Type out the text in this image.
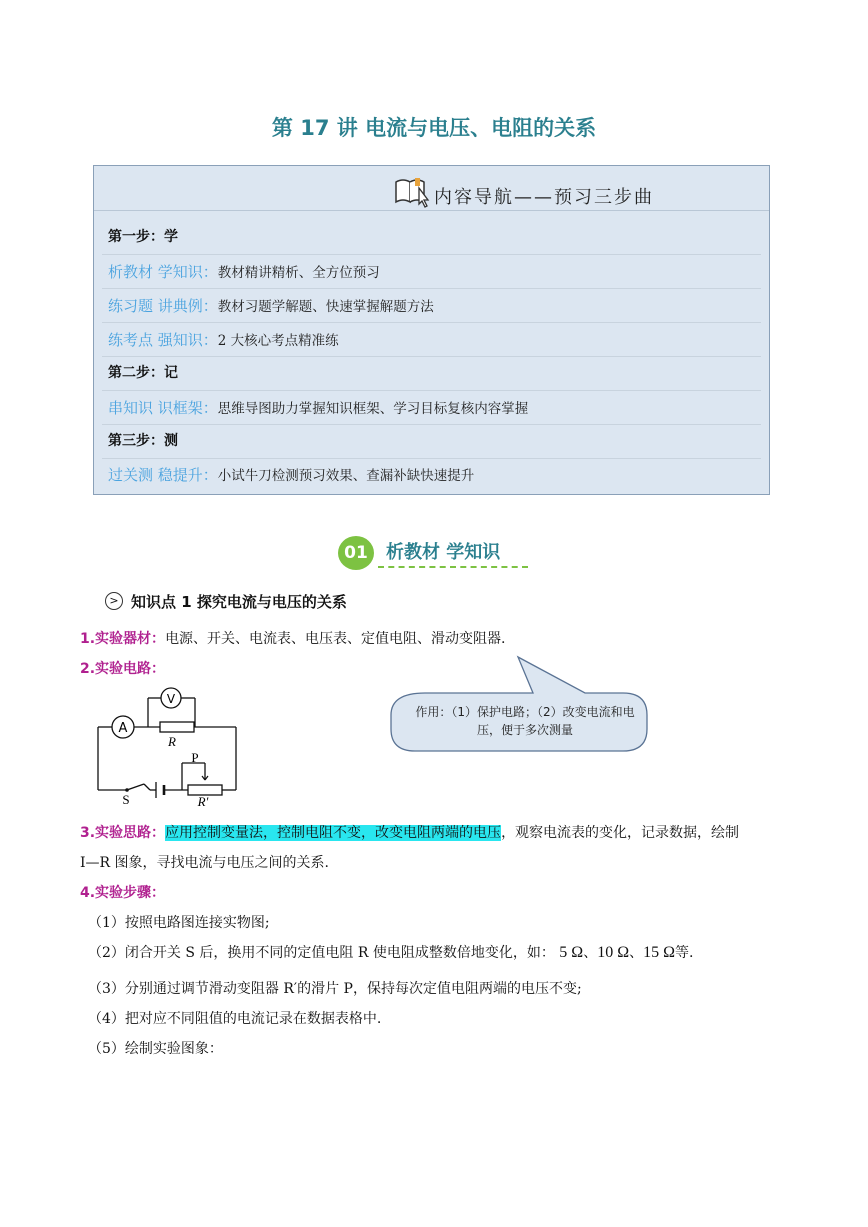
第 17 讲 电流与电压、电阻的关系
内容导航——预习三步曲
第一步：学
析教材 学知识：教材精讲精析、全方位预习
练习题 讲典例：教材习题学解题、快速掌握解题方法
练考点 强知识：2 大核心考点精准练
第二步：记
串知识 识框架：思维导图助力掌握知识框架、学习目标复核内容掌握
第三步：测
过关测 稳提升：小试牛刀检测预习效果、查漏补缺快速提升
01	析教材 学知识
> 知识点 1 探究电流与电压的关系
1.实验器材：电源、开关、电流表、电压表、定值电阻、滑动变阻器.
2.实验电路：
A
V
R
P
R′
S
作用：（1）保护电路；（2）改变电流和电压，便于多次测量
3.实验思路：应用控制变量法，控制电阻不变，改变电阻两端的电压，观察电流表的变化，记录数据，绘制
I—R 图象，寻找电流与电压之间的关系.
4.实验步骤：
（1）按照电路图连接实物图;
（2）闭合开关 S 后，换用不同的定值电阻 R 使电阻成整数倍地变化，如： 5 Ω、10 Ω、15 Ω等.
（3）分别通过调节滑动变阻器 R′的滑片 P，保持每次定值电阻两端的电压不变;
（4）把对应不同阻值的电流记录在数据表格中.
（5）绘制实验图象：
